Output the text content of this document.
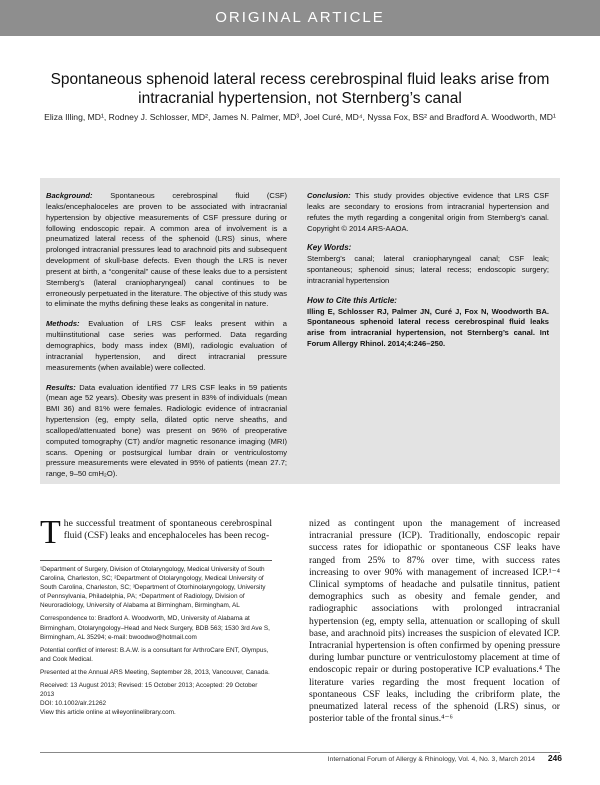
ORIGINAL ARTICLE
Spontaneous sphenoid lateral recess cerebrospinal fluid leaks arise from intracranial hypertension, not Sternberg’s canal
Eliza Illing, MD¹, Rodney J. Schlosser, MD², James N. Palmer, MD³, Joel Curé, MD⁴, Nyssa Fox, BS² and Bradford A. Woodworth, MD¹

Background: Spontaneous cerebrospinal fluid (CSF) leaks/encephaloceles are proven to be associated with intracranial hypertension by objective measurements of CSF pressure during or following endoscopic repair. A common area of involvement is a pneumatized lateral recess of the sphenoid (LRS) sinus, where prolonged intracranial pressures lead to arachnoid pits and subsequent development of skull-base defects. Even though the LRS is never present at birth, a “congenital” cause of these leaks due to a persistent Sternberg’s (lateral craniopharyngeal) canal continues to be erroneously perpetuated in the literature. The objective of this study was to eliminate the myths defining these leaks as congenital in nature.

Methods: Evaluation of LRS CSF leaks present within a multiinstitutional case series was performed. Data regarding demographics, body mass index (BMI), radiologic evaluation of intracranial hypertension, and direct intracranial pressure measurements (when available) were collected.

Results: Data evaluation identified 77 LRS CSF leaks in 59 patients (mean age 52 years). Obesity was present in 83% of individuals (mean BMI 36) and 81% were females. Radiologic evidence of intracranial hypertension (eg, empty sella, dilated optic nerve sheaths, and scalloped/attenuated bone) was present on 96% of preoperative computed tomography (CT) and/or magnetic resonance imaging (MRI) scans. Opening or postsurgical lumbar drain or ventriculostomy pressure measurements were elevated in 95% of patients (mean 27.7; range, 9–50 cmH₂O).

Conclusion: This study provides objective evidence that LRS CSF leaks are secondary to erosions from intracranial hypertension and refutes the myth regarding a congenital origin from Sternberg’s canal. Copyright © 2014 ARS-AAOA.

Key Words:
Sternberg’s canal; lateral craniopharyngeal canal; CSF leak; spontaneous; sphenoid sinus; lateral recess; endoscopic surgery; intracranial hypertension

How to Cite this Article:
Illing E, Schlosser RJ, Palmer JN, Curé J, Fox N, Woodworth BA. Spontaneous sphenoid lateral recess cerebrospinal fluid leaks arise from intracranial hypertension, not Sternberg’s canal. Int Forum Allergy Rhinol. 2014;4:246–250.

The successful treatment of spontaneous cerebrospinal fluid (CSF) leaks and encephaloceles has been recog-

¹Department of Surgery, Division of Otolaryngology, Medical University of South Carolina, Charleston, SC; ²Department of Otolaryngology, Medical University of South Carolina, Charleston, SC; ³Department of Otorhinolaryngology, University of Pennsylvania, Philadelphia, PA; ⁴Department of Radiology, Division of Neuroradiology, University of Alabama at Birmingham, Birmingham, AL

Correspondence to: Bradford A. Woodworth, MD, University of Alabama at Birmingham, Otolaryngology–Head and Neck Surgery, BDB 563; 1530 3rd Ave S, Birmingham, AL 35294; e-mail: bwoodwo@hotmail.com

Potential conflict of interest: B.A.W. is a consultant for ArthroCare ENT, Olympus, and Cook Medical.

Presented at the Annual ARS Meeting, September 28, 2013, Vancouver, Canada.

Received: 13 August 2013; Revised: 15 October 2013; Accepted: 29 October 2013

DOI: 10.1002/alr.21262

View this article online at wileyonlinelibrary.com.

nized as contingent upon the management of increased intracranial pressure (ICP). Traditionally, endoscopic repair success rates for idiopathic or spontaneous CSF leaks have ranged from 25% to 87% over time, with success rates increasing to over 90% with management of increased ICP.¹⁻⁴ Clinical symptoms of headache and pulsatile tinnitus, patient demographics such as obesity and female gender, and radiographic associations with prolonged intracranial hypertension (eg, empty sella, attenuation or scalloping of skull base, and arachnoid pits) increases the suspicion of elevated ICP. Intracranial hypertension is often confirmed by opening pressure during lumbar puncture or ventriculostomy placement at time of endoscopic repair or during postoperative ICP evaluations.⁴ The literature varies regarding the most frequent location of spontaneous CSF leaks, including the cribriform plate, the pneumatized lateral recess of the sphenoid (LRS) sinus, or posterior table of the frontal sinus.⁴⁻⁶
International Forum of Allergy & Rhinology, Vol. 4, No. 3, March 2014	246
